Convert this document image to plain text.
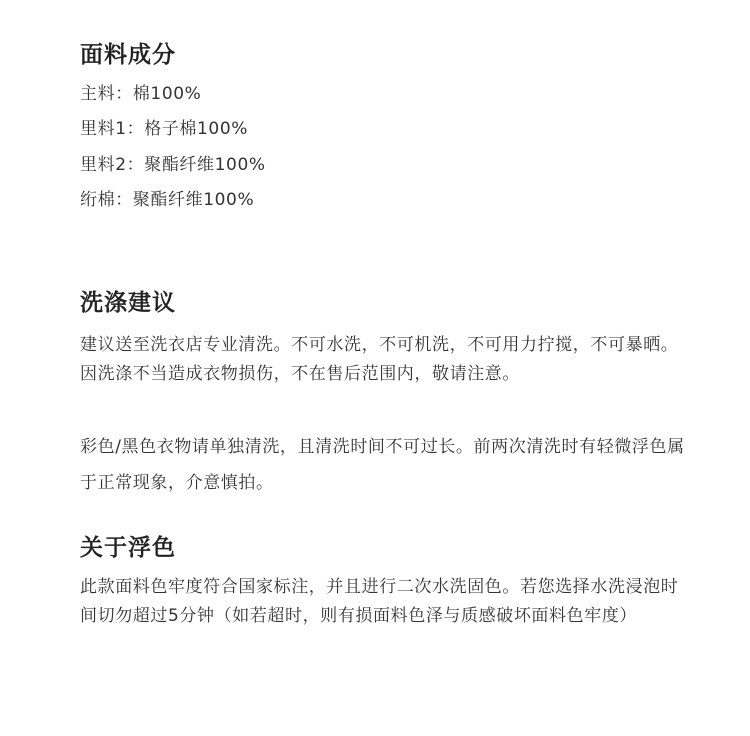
面料成分
主料：棉100%
里料1：格子棉100%
里料2：聚酯纤维100%
绗棉：聚酯纤维100%
洗涤建议

建议送至洗衣店专业清洗。不可水洗，不可机洗，不可用力拧搅，不可暴晒。因洗涤不当造成衣物损伤，不在售后范围内，敬请注意。

彩色/黑色衣物请单独清洗，且清洗时间不可过长。前两次清洗时有轻微浮色属于正常现象，介意慎拍。

关于浮色

此款面料色牢度符合国家标注，并且进行二次水洗固色。若您选择水洗浸泡时间切勿超过5分钟（如若超时，则有损面料色泽与质感破坏面料色牢度）
